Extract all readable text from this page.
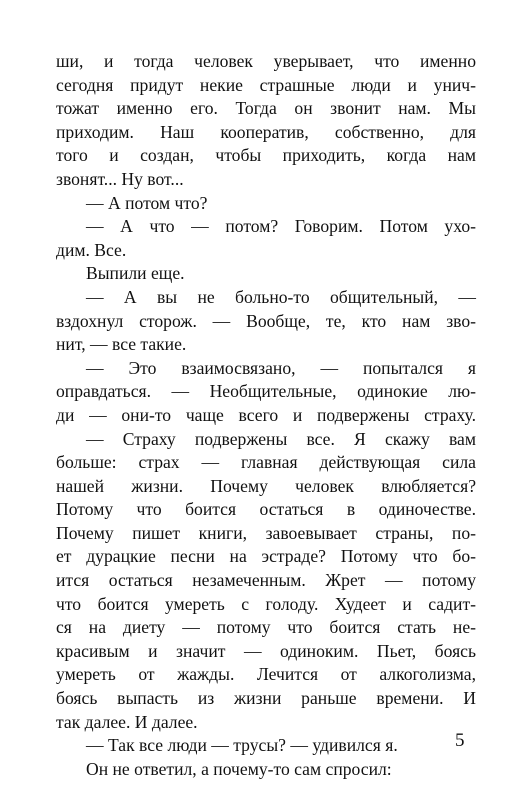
ши, и тогда человек уверывает, что именно
сегодня придут некие страшные люди и унич-
тожат именно его. Тогда он звонит нам. Мы
приходим. Наш кооператив, собственно, для
того и создан, чтобы приходить, когда нам
звонят... Ну вот...
— А потом что?
— А что — потом? Говорим. Потом ухо-
дим. Все.
Выпили еще.
— А вы не больно-то общительный, —
вздохнул сторож. — Вообще, те, кто нам зво-
нит, — все такие.
— Это взаимосвязано, — попытался я
оправдаться. — Необщительные, одинокие лю-
ди — они-то чаще всего и подвержены страху.
— Страху подвержены все. Я скажу вам
больше: страх — главная действующая сила
нашей жизни. Почему человек влюбляется?
Потому что боится остаться в одиночестве.
Почему пишет книги, завоевывает страны, по-
ет дурацкие песни на эстраде? Потому что бо-
ится остаться незамеченным. Жрет — потому
что боится умереть с голоду. Худеет и садит-
ся на диету — потому что боится стать не-
красивым и значит — одиноким. Пьет, боясь
умереть от жажды. Лечится от алкоголизма,
боясь выпасть из жизни раньше времени. И
так далее. И далее.
— Так все люди — трусы? — удивился я.
Он не ответил, а почему-то сам спросил:
5
